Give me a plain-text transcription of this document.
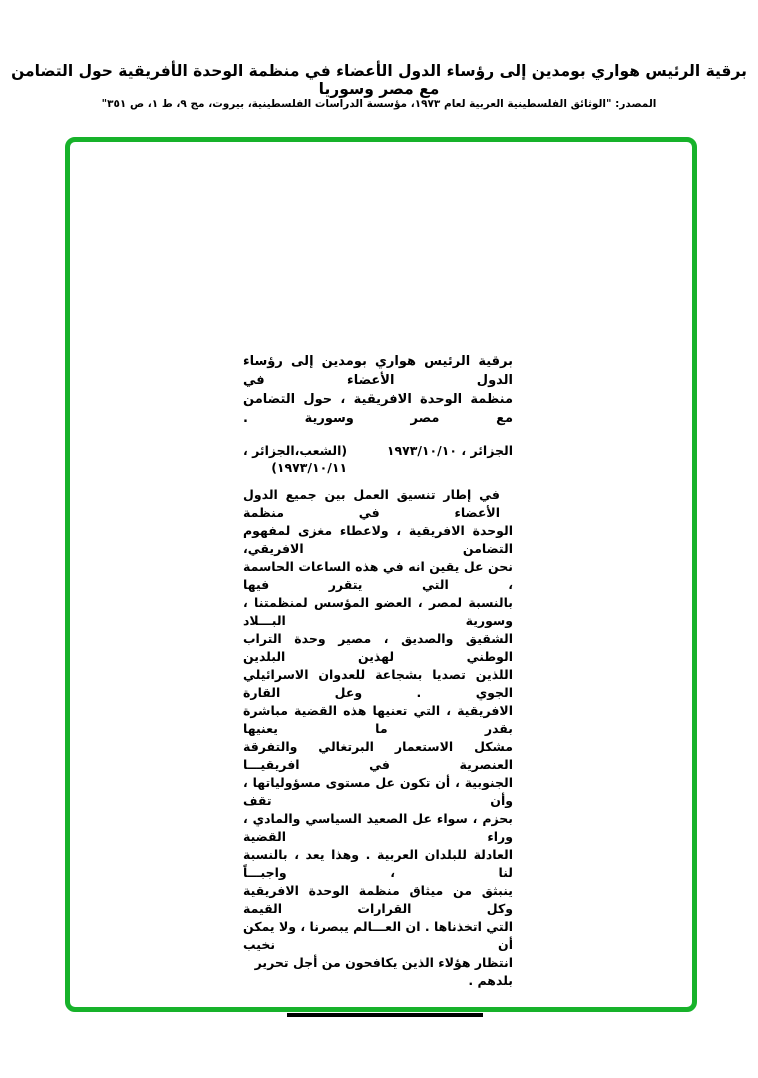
برقية الرئيس هواري بومدين إلى رؤساء الدول الأعضاء في منظمة الوحدة الأفريقية حول التضامن مع مصر وسوريا
المصدر: "الوثائق الفلسطينية العربية لعام ١٩٧٣، مؤسسة الدراسات الفلسطينية، بيروت، مج ٩، ط ١، ص ٣٥١"
برقية الرئيس هواري بومدين إلى رؤساء الدول الأعضاء في
منظمة الوحدة الافريقية ، حول التضامن مع مصر وسورية .
الجزائر ، ١٩٧٣/١٠/١٠
(الشعب،الجزائر ،
١٩٧٣/١٠/١١)
في إطار تنسيق العمل بين جميع الدول الأعضاء في منظمة
الوحدة الافريقية ، ولاعطاء مغزى لمفهوم التضامن الافريقي،
نحن عل يقين انه في هذه الساعات الحاسمة ، التي يتقرر فيها
بالنسبة لمصر ، العضو المؤسس لمنظمتنا ، وسورية البـــلاد
الشقيق والصديق ، مصير وحدة التراب الوطني لهذين البلدين
اللذين تصديا بشجاعة للعدوان الاسرائيلي الجوي . وعل القارة
الافريقية ، التي تعنيها هذه القضية مباشرة بقدر ما يعنيها
مشكل الاستعمار البرتغالي والتفرقة العنصرية في افريقيـــا
الجنوبية ، أن تكون عل مستوى مسؤولياتها ، وأن تقف
بحزم ، سواء عل الصعيد السياسي والمادي ، وراء القضية
العادلة للبلدان العربية . وهذا يعد ، بالنسبة لنا ، واجبـــاً
ينبثق من ميثاق منظمة الوحدة الافريقية وكل القرارات القيمة
التي اتخذناها . ان العـــالم يبصرنا ، ولا يمكن أن نخيب
انتظار هؤلاء الذين يكافحون من أجل تحرير بلدهم .
